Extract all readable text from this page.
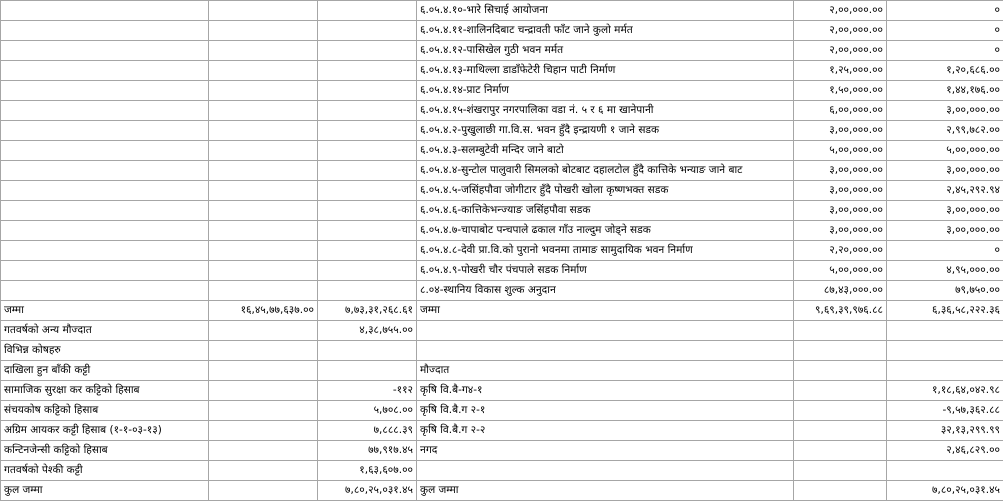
			६.०५.४.१०-भारे सिचाई आयोजना	२,००,०००.००	०
			६.०५.४.११-शालिनदिबाट चन्द्रावती फाँट जाने कुलो मर्मत	२,००,०००.००	०
			६.०५.४.१२-पासिखेल गुठी भवन मर्मत	२,००,०००.००	०
			६.०५.४.१३-माथिल्ला डाडाँफेटेरी चिहान पाटी निर्माण	१,२५,०००.००	१,२०,६८६.००
			६.०५.४.१४-प्राट निर्माण	१,५०,०००.००	१,४४,१७६.००
			६.०५.४.१५-शंखरापुर नगरपालिका वडा नं. ५ र ६ मा खानेपानी	६,००,०००.००	३,००,०००.००
			६.०५.४.२-पुखुलाछी गा.वि.स. भवन हुँदै इन्द्रायणी १ जाने सडक	३,००,०००.००	२,९९,७८२.००
			६.०५.४.३-सलम्बुटेवी मन्दिर जाने बाटो	५,००,०००.००	५,००,०००.००
			६.०५.४.४-सुन्टोल पालुवारी सिमलको बोटबाट दहालटोल हुँदै कात्तिके भन्याङ जाने बाट	३,००,०००.००	३,००,०००.००
			६.०५.४.५-जसिंहपौवा जोगीटार हुँदै पोखरी खोला कृष्णभक्त सडक	३,००,०००.००	२,४५,२९२.९४
			६.०५.४.६-कात्तिकेभन्ज्याङ जसिंहपौवा सडक	३,००,०००.००	३,००,०००.००
			६.०५.४.७-चापाबोट पन्चपाले ढकाल गाँउ नाल्दुम जोड्ने सडक	३,००,०००.००	३,००,०००.००
			६.०५.४.८-देवी प्रा.वि.को पुरानो भवनमा तामाङ सामुदायिक भवन निर्माण	२,२०,०००.००	०
			६.०५.४.९-पोखरी चौर पंचपाले सडक निर्माण	५,००,०००.००	४,९५,०००.००
			८.०४-स्थानिय विकास शुल्क अनुदान	८७,४३,०००.००	७९,७५०.००
जम्मा	१६,४५,७७,६३७.००	७,७३,३१,२६८.६१	जम्मा	९,६९,३९,९७६.८८	६,३६,५८,२२२.३६
गतवर्षको अन्य मौज्दात		४,३८,७५५.००			
विभिन्न कोषहरु					
दाखिला हुन बाँकी कट्टी			मौज्दात		
सामाजिक सुरक्षा कर कट्टिको हिसाब		-११२	कृषि वि.बै-ग४-१		१,१८,६४,०४२.९८
संचयकोष कट्टिको हिसाब		५,७०८.००	कृषि वि.बै.ग २-१		-९,५७,३६२.८८
अग्रिम आयकर कट्टी हिसाब (१-१-०३-१३)		७,८८८.३९	कृषि वि.बै.ग २-२		३२,१३,२९९.९९
कन्टिनजेन्सी कट्टिको हिसाब		७७,९१७.४५	नगद		२,४६,८२९.००
गतवर्षको पेश्की कट्टी		१,६३,६०७.००			
कुल जम्मा		७,८०,२५,०३१.४५	कुल जम्मा		७,८०,२५,०३१.४५
